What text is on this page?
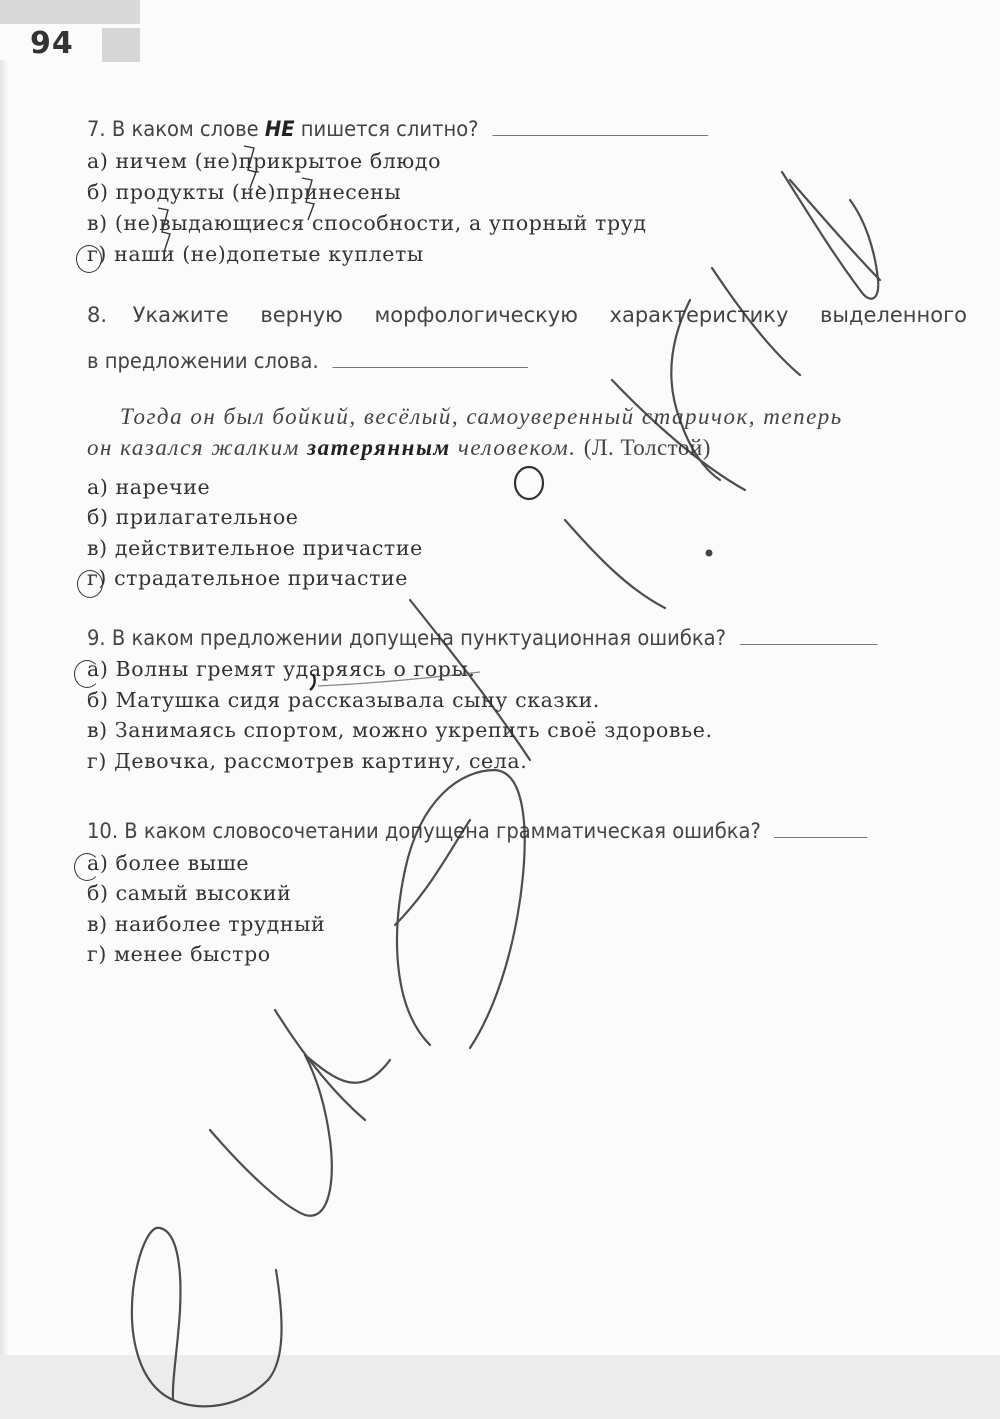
94
7. В каком слове НЕ пишется слитно?
а) ничем (не)прикрытое блюдо
б) продукты (не)принесены
в) (не)выдающиеся способности, а упорный труд
г) наши (не)допетые куплеты
8. Укажите верную морфологическую характеристику выделенного
в предложении слова.
Тогда он был бойкий, весёлый, самоуверенный старичок, теперь
он казался жалким затерянным человеком. (Л. Толстой)
а) наречие
б) прилагательное
в) действительное причастие
г) страдательное причастие
9. В каком предложении допущена пунктуационная ошибка?
а) Волны гремят ударяясь о горы.
б) Матушка сидя рассказывала сыну сказки.
в) Занимаясь спортом, можно укрепить своё здоровье.
г) Девочка, рассмотрев картину, села.
10. В каком словосочетании допущена грамматическая ошибка?
а) более выше
б) самый высокий
в) наиболее трудный
г) менее быстро
